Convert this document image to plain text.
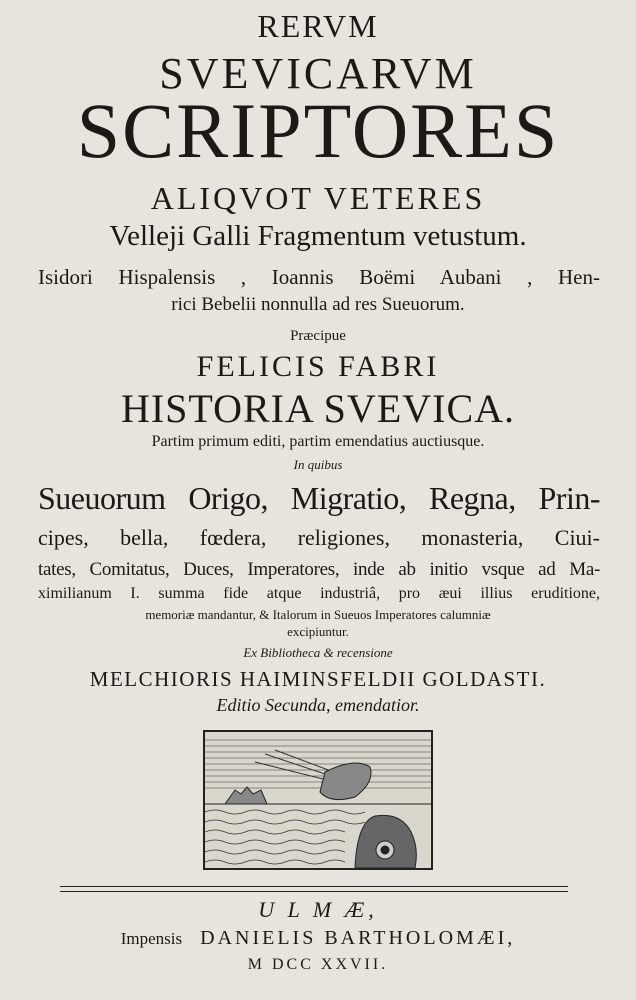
RERVM
SVEVICARVM
SCRIPTORES
ALIQVOT VETERES
Velleji Galli Fragmentum vetustum.
Isidori Hispalensis , Ioannis Boëmi Aubani , Hen-
rici Bebelii nonnulla ad res Sueuorum.
Præcipue
FELICIS FABRI
HISTORIA SVEVICA.
Partim primum editi, partim emendatius auctiusque.
In quibus
Sueuorum Origo, Migratio, Regna, Prin-
cipes, bella, fœdera, religiones, monasteria, Ciui-
tates, Comitatus, Duces, Imperatores, inde ab initio vsque ad Ma-
ximilianum I. summa fide atque industriâ, pro æui illius eruditione,
memoriæ mandantur, & Italorum in Sueuos Imperatores calumniæ
excipiuntur.
Ex Bibliotheca & recensione
MELCHIORIS HAIMINSFELDII GOLDASTI.
Editio Secunda, emendatior.
U L M Æ,
Impensis DANIELIS BARTHOLOMÆI,
M DCC XXVII.
